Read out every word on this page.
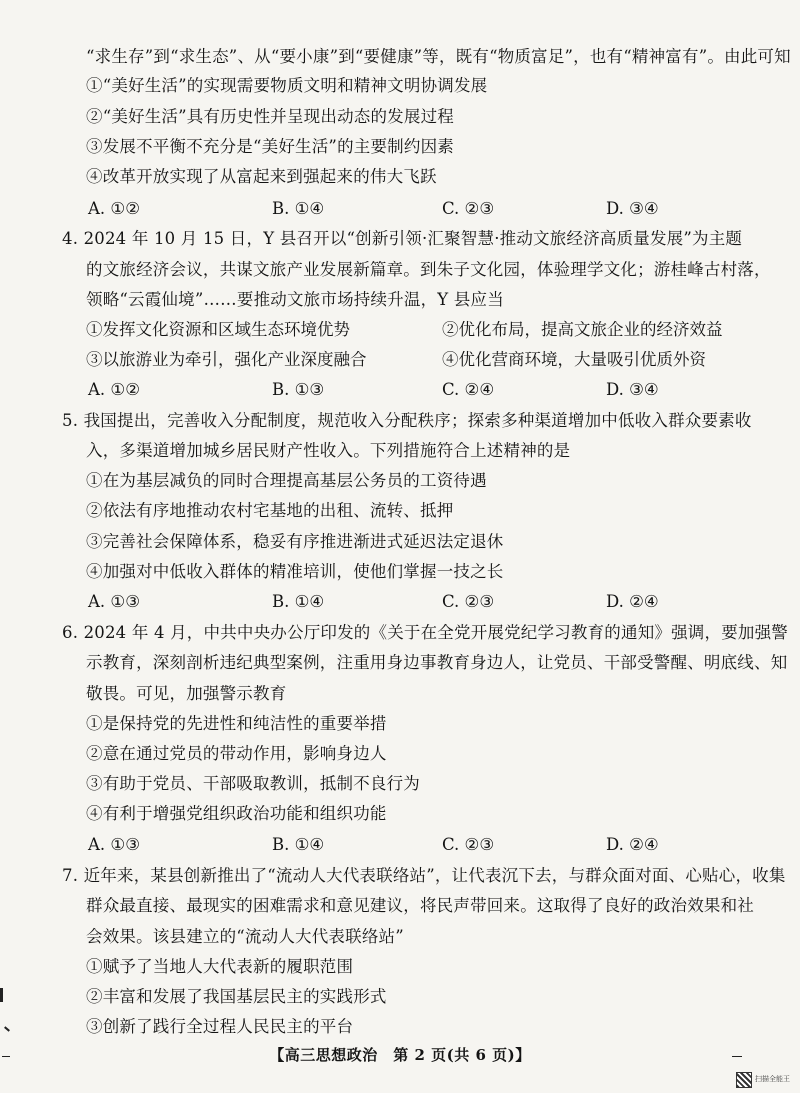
“求生存”到“求生态”、从“要小康”到“要健康”等，既有“物质富足”，也有“精神富有”。由此可知
①“美好生活”的实现需要物质文明和精神文明协调发展
②“美好生活”具有历史性并呈现出动态的发展过程
③发展不平衡不充分是“美好生活”的主要制约因素
④改革开放实现了从富起来到强起来的伟大飞跃
A. ①②	B. ①④	C. ②③	D. ③④
4. 2024 年 10 月 15 日，Y 县召开以“创新引领·汇聚智慧·推动文旅经济高质量发展”为主题
的文旅经济会议，共谋文旅产业发展新篇章。到朱子文化园，体验理学文化；游桂峰古村落，
领略“云霞仙境”……要推动文旅市场持续升温，Y 县应当
①发挥文化资源和区域生态环境优势	②优化布局，提高文旅企业的经济效益
③以旅游业为牵引，强化产业深度融合	④优化营商环境，大量吸引优质外资
A. ①②	B. ①③	C. ②④	D. ③④
5. 我国提出，完善收入分配制度，规范收入分配秩序；探索多种渠道增加中低收入群众要素收
入，多渠道增加城乡居民财产性收入。下列措施符合上述精神的是
①在为基层减负的同时合理提高基层公务员的工资待遇
②依法有序地推动农村宅基地的出租、流转、抵押
③完善社会保障体系，稳妥有序推进渐进式延迟法定退休
④加强对中低收入群体的精准培训，使他们掌握一技之长
A. ①③	B. ①④	C. ②③	D. ②④
6. 2024 年 4 月，中共中央办公厅印发的《关于在全党开展党纪学习教育的通知》强调，要加强警
示教育，深刻剖析违纪典型案例，注重用身边事教育身边人，让党员、干部受警醒、明底线、知
敬畏。可见，加强警示教育
①是保持党的先进性和纯洁性的重要举措
②意在通过党员的带动作用，影响身边人
③有助于党员、干部吸取教训，抵制不良行为
④有利于增强党组织政治功能和组织功能
A. ①③	B. ①④	C. ②③	D. ②④
7. 近年来，某县创新推出了“流动人大代表联络站”，让代表沉下去，与群众面对面、心贴心，收集
群众最直接、最现实的困难需求和意见建议，将民声带回来。这取得了良好的政治效果和社
会效果。该县建立的“流动人大代表联络站”
①赋予了当地人大代表新的履职范围
②丰富和发展了我国基层民主的实践形式
③创新了践行全过程人民民主的平台
【高三思想政治　第 2 页(共 6 页)】
扫描全能王
